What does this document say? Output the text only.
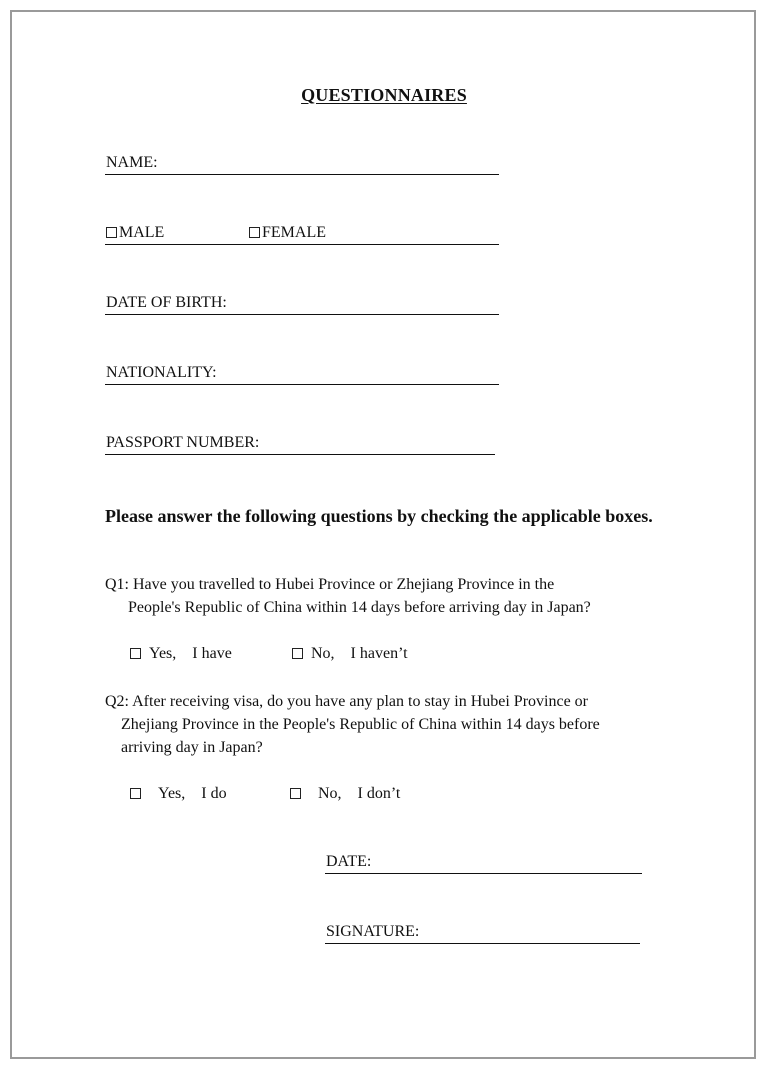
QUESTIONNAIRES
NAME:
MALE	FEMALE
DATE OF BIRTH:
NATIONALITY:
PASSPORT NUMBER:
Please answer the following questions by checking the applicable boxes.
Q1: Have you travelled to Hubei Province or Zhejiang Province in the
People's Republic of China within 14 days before arriving day in Japan?
Yes,　I have	No,　I haven’t
Q2: After receiving visa, do you have any plan to stay in Hubei Province or
Zhejiang Province in the People's Republic of China within 14 days before
arriving day in Japan?
Yes,　I do	No,　I don’t
DATE:
SIGNATURE:
